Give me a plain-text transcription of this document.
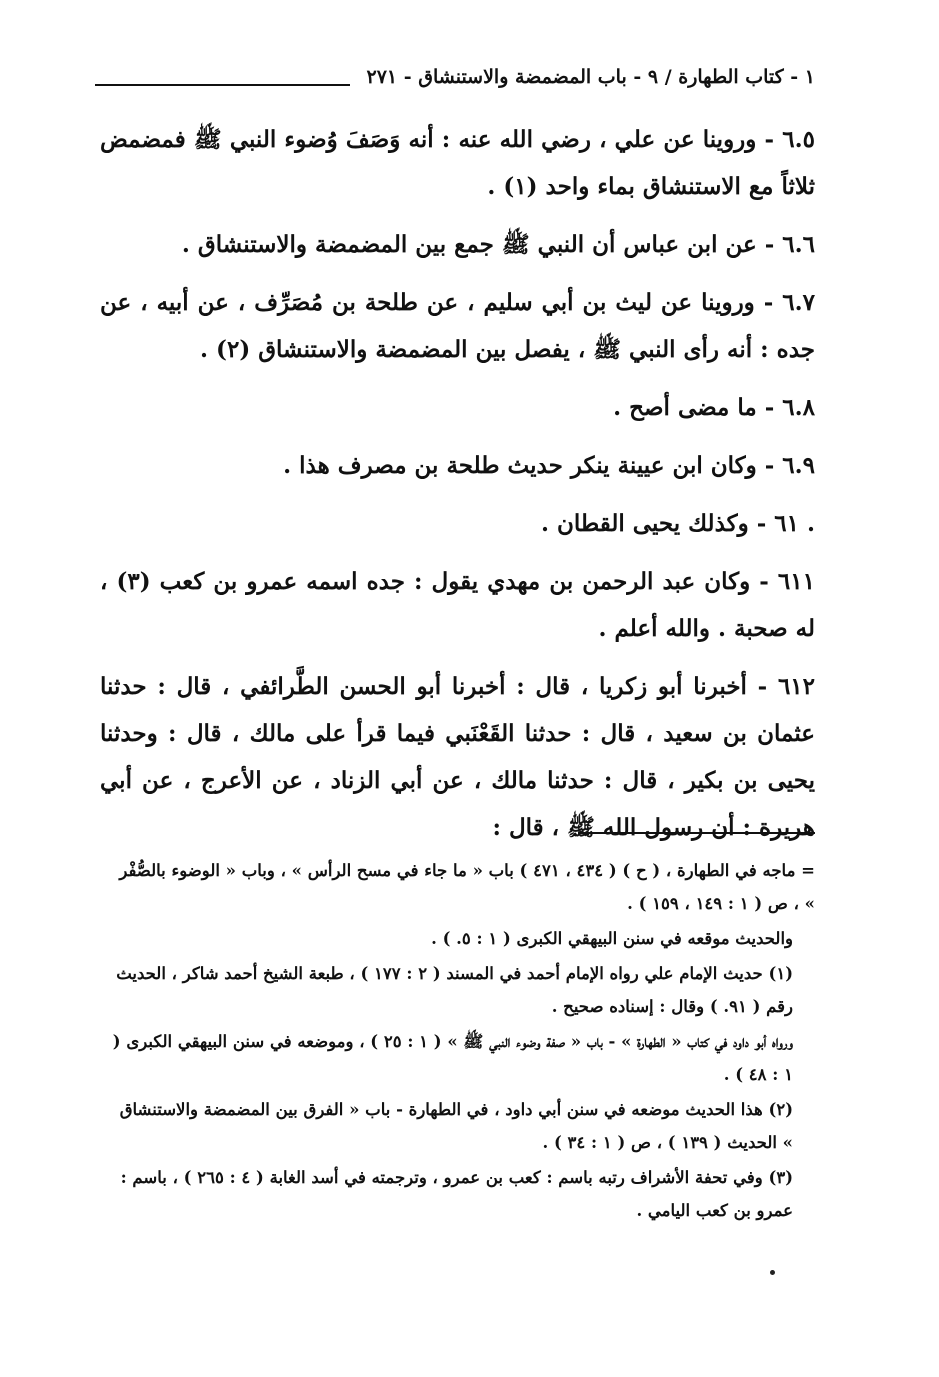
١ - كتاب الطهارة / ٩ - باب المضمضة والاستنشاق - ٢٧١

٦.٥ - وروينا عن علي ، رضي الله عنه : أنه وَصَفَ وُضوء النبي ﷺ فمضمض ثلاثاً مع الاستنشاق بماء واحد (١) .

٦.٦ - عن ابن عباس أن النبي ﷺ جمع بين المضمضة والاستنشاق .

٦.٧ - وروينا عن ليث بن أبي سليم ، عن طلحة بن مُصَرِّف ، عن أبيه ، عن جده : أنه رأى النبي ﷺ ، يفصل بين المضمضة والاستنشاق (٢) .

٦.٨ - ما مضى أصح .

٦.٩ - وكان ابن عيينة ينكر حديث طلحة بن مصرف هذا .

. ٦١ - وكذلك يحيى القطان .

٦١١ - وكان عبد الرحمن بن مهدي يقول : جده اسمه عمرو بن كعب (٣) ، له صحبة . والله أعلم .

٦١٢ - أخبرنا أبو زكريا ، قال : أخبرنا أبو الحسن الطَّرائفي ، قال : حدثنا عثمان بن سعيد ، قال : حدثنا القَعْنَبي فيما قرأ على مالك ، قال : وحدثنا يحيى بن بكير ، قال : حدثنا مالك ، عن أبي الزناد ، عن الأعرج ، عن أبي هريرة : أن رسول الله ﷺ ، قال :

= ماجه في الطهارة ، ( ح ) ( ٤٣٤ ، ٤٧١ ) باب « ما جاء في مسح الرأس » ، وباب « الوضوء بالصُّفْر » ، ص ( ١ : ١٤٩ ، ١٥٩ ) .

والحديث موقعه في سنن البيهقي الكبرى ( ١ : ٥. ) .

(١) حديث الإمام علي رواه الإمام أحمد في المسند ( ٢ : ١٧٧ ) ، طبعة الشيخ أحمد شاكر ، الحديث رقم ( ٩١. ) وقال : إسناده صحيح .

ورواه أبو داود في كتاب « الطهارة » - باب « صفة وضوء النبي ﷺ » ( ١ : ٢٥ ) ، وموضعه في سنن البيهقي الكبرى ( ١ : ٤٨ ) .

(٢) هذا الحديث موضعه في سنن أبي داود ، في الطهارة - باب « الفرق بين المضمضة والاستنشاق » الحديث ( ١٣٩ ) ، ص ( ١ : ٣٤ ) .

(٣) وفي تحفة الأشراف رتبه باسم : كعب بن عمرو ، وترجمته في أسد الغابة ( ٤ : ٢٦٥ ) ، باسم : عمرو بن كعب اليامي .
